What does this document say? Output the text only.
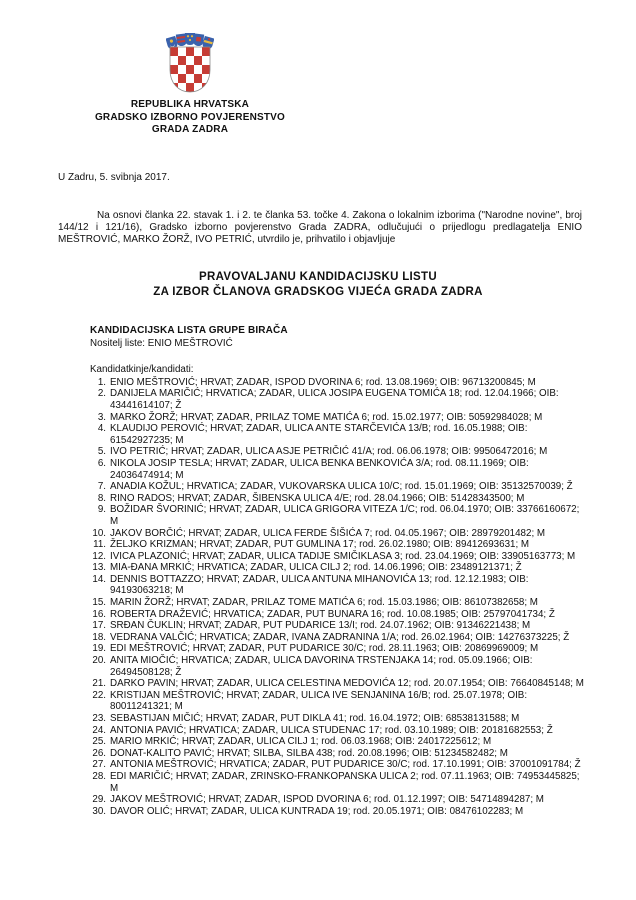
REPUBLIKA HRVATSKA
GRADSKO IZBORNO POVJERENSTVO
GRADA ZADRA
U Zadru, 5. svibnja 2017.
Na osnovi članka 22. stavak 1. i 2. te članka 53. točke 4. Zakona o lokalnim izborima ("Narodne novine", broj 144/12 i 121/16), Gradsko izborno povjerenstvo Grada ZADRA, odlučujući o prijedlogu predlagatelja ENIO MEŠTROVIĆ, MARKO ŽORŽ, IVO PETRIĆ, utvrdilo je, prihvatilo i objavljuje
PRAVOVALJANU KANDIDACIJSKU LISTU
ZA IZBOR ČLANOVA GRADSKOG VIJEĆA GRADA ZADRA
KANDIDACIJSKA LISTA GRUPE BIRAČA
Nositelj liste: ENIO MEŠTROVIĆ
Kandidatkinje/kandidati:
1. ENIO MEŠTROVIĆ; HRVAT; ZADAR, ISPOD DVORINA 6; rod. 13.08.1969; OIB: 96713200845; M
2. DANIJELA MARIČIĆ; HRVATICA; ZADAR, ULICA JOSIPA EUGENA TOMIĆA 18; rod. 12.04.1966; OIB: 43441614107; Ž
3. MARKO ŽORŽ; HRVAT; ZADAR, PRILAZ TOME MATIĆA 6; rod. 15.02.1977; OIB: 50592984028; M
4. KLAUDIJO PEROVIĆ; HRVAT; ZADAR, ULICA ANTE STARČEVIĆA 13/B; rod. 16.05.1988; OIB: 61542927235; M
5. IVO PETRIĆ; HRVAT; ZADAR, ULICA ASJE PETRIČIĆ 41/A; rod. 06.06.1978; OIB: 99506472016; M
6. NIKOLA JOSIP TESLA; HRVAT; ZADAR, ULICA BENKA BENKOVIĆA 3/A; rod. 08.11.1969; OIB: 24036474914; M
7. ANADIA KOŽUL; HRVATICA; ZADAR, VUKOVARSKA ULICA 10/C; rod. 15.01.1969; OIB: 35132570039; Ž
8. RINO RADOS; HRVAT; ZADAR, ŠIBENSKA ULICA 4/E; rod. 28.04.1966; OIB: 51428343500; M
9. BOŽIDAR ŠVORINIĆ; HRVAT; ZADAR, ULICA GRIGORA VITEZA 1/C; rod. 06.04.1970; OIB: 33766160672; M
10. JAKOV BORČIĆ; HRVAT; ZADAR, ULICA FERDE ŠIŠIĆA 7; rod. 04.05.1967; OIB: 28979201482; M
11. ŽELJKO KRIZMAN; HRVAT; ZADAR, PUT GUMLINA 17; rod. 26.02.1980; OIB: 89412693631; M
12. IVICA PLAZONIĆ; HRVAT; ZADAR, ULICA TADIJE SMIČIKLASA 3; rod. 23.04.1969; OIB: 33905163773; M
13. MIA-ĐANA MRKIĆ; HRVATICA; ZADAR, ULICA CILJ 2; rod. 14.06.1996; OIB: 23489121371; Ž
14. DENNIS BOTTAZZO; HRVAT; ZADAR, ULICA ANTUNA MIHANOVIĆA 13; rod. 12.12.1983; OIB: 94193063218; M
15. MARIN ŽORŽ; HRVAT; ZADAR, PRILAZ TOME MATIĆA 6; rod. 15.03.1986; OIB: 86107382658; M
16. ROBERTA DRAŽEVIĆ; HRVATICA; ZADAR, PUT BUNARA 16; rod. 10.08.1985; OIB: 25797041734; Ž
17. SRĐAN ČUKLIN; HRVAT; ZADAR, PUT PUDARICE 13/I; rod. 24.07.1962; OIB: 91346221438; M
18. VEDRANA VALČIĆ; HRVATICA; ZADAR, IVANA ZADRANINA 1/A; rod. 26.02.1964; OIB: 14276373225; Ž
19. EDI MEŠTROVIĆ; HRVAT; ZADAR, PUT PUDARICE 30/C; rod. 28.11.1963; OIB: 20869969009; M
20. ANITA MIOČIĆ; HRVATICA; ZADAR, ULICA DAVORINA TRSTENJAKA 14; rod. 05.09.1966; OIB: 26494508128; Ž
21. DARKO PAVIN; HRVAT; ZADAR, ULICA CELESTINA MEDOVIĆA 12; rod. 20.07.1954; OIB: 76640845148; M
22. KRISTIJAN MEŠTROVIĆ; HRVAT; ZADAR, ULICA IVE SENJANINA 16/B; rod. 25.07.1978; OIB: 80011241321; M
23. SEBASTIJAN MIČIĆ; HRVAT; ZADAR, PUT DIKLA 41; rod. 16.04.1972; OIB: 68538131588; M
24. ANTONIA PAVIĆ; HRVATICA; ZADAR, ULICA STUDENAC 17; rod. 03.10.1989; OIB: 20181682553; Ž
25. MARIO MRKIĆ; HRVAT; ZADAR, ULICA CILJ 1; rod. 06.03.1968; OIB: 24017225612; M
26. DONAT-KALITO PAVIĆ; HRVAT; SILBA, SILBA 438; rod. 20.08.1996; OIB: 51234582482; M
27. ANTONIA MEŠTROVIĆ; HRVATICA; ZADAR, PUT PUDARICE 30/C; rod. 17.10.1991; OIB: 37001091784; Ž
28. EDI MARIČIĆ; HRVAT; ZADAR, ZRINSKO-FRANKOPANSKA ULICA 2; rod. 07.11.1963; OIB: 74953445825; M
29. JAKOV MEŠTROVIĆ; HRVAT; ZADAR, ISPOD DVORINA 6; rod. 01.12.1997; OIB: 54714894287; M
30. DAVOR OLIĆ; HRVAT; ZADAR, ULICA KUNTRADA 19; rod. 20.05.1971; OIB: 08476102283; M
